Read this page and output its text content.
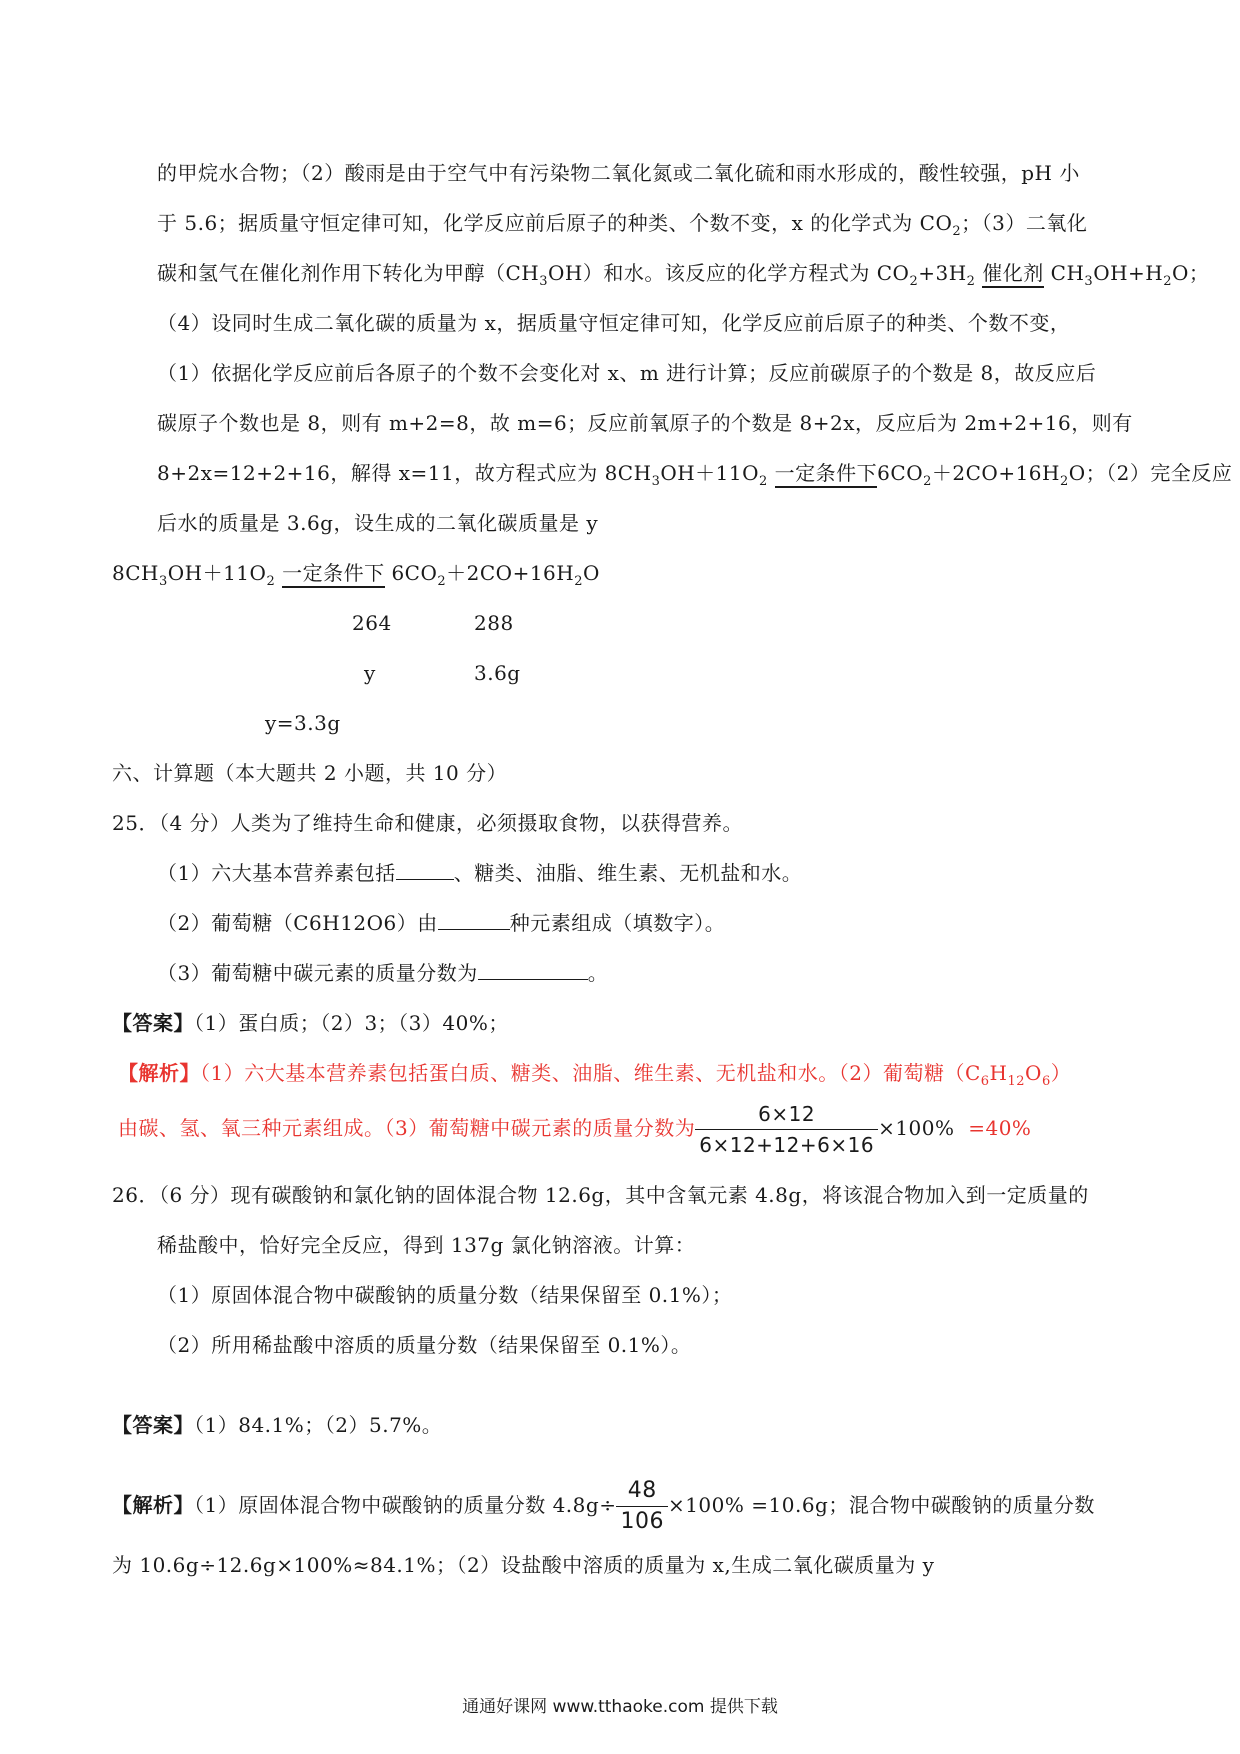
的甲烷水合物；（2）酸雨是由于空气中有污染物二氧化氮或二氧化硫和雨水形成的，酸性较强，pH 小
于 5.6；据质量守恒定律可知，化学反应前后原子的种类、个数不变，x 的化学式为 $CO_2$；（3）二氧化
碳和氢气在催化剂作用下转化为甲醇$(CH_3OH)$和水。该反应的化学方程式为 $CO_2+3H_2$ 催化剂 $CH_3OH+H_2O$；
（4）设同时生成二氧化碳的质量为 x，据质量守恒定律可知，化学反应前后原子的种类、个数不变，
（1）依据化学反应前后各原子的个数不会变化对 x、m 进行计算；反应前碳原子的个数是 8，故反应后
碳原子个数也是 8，则有 m+2=8，故 m=6；反应前氧原子的个数是 8+2x，反应后为 2m+2+16，则有
8+2x=12+2+16，解得 x=11，故方程式应为 $8CH_3OH+11O_2$ 一定条件下$6CO_2+2CO+16H_2O$；（2）完全反应
后水的质量是 3.6g，设生成的二氧化碳质量是 y
$8CH_3OH+11O_2$ 一定条件下 $6CO_2+2CO+16H_2O$
264	288
y	3.6g
y=3.3g
六、计算题（本大题共 2 小题，共 10 分）
25．（4 分）人类为了维持生命和健康，必须摄取食物，以获得营养。
（1）六大基本营养素包括	、糖类、油脂、维生素、无机盐和水。
（2）葡萄糖（C6H12O6）由	种元素组成（填数字）。
（3）葡萄糖中碳元素的质量分数为	。
【答案】（1）蛋白质；（2）3；（3）40%；
【解析】（1）六大基本营养素包括蛋白质、糖类、油脂、维生素、无机盐和水。（2）葡萄糖$(C_6H_{12}O_6)$
由碳、氢、氧三种元素组成。（3）葡萄糖中碳元素的质量分数为 $\frac{6\times 12}{6\times 12+12+6\times 16} \times 100\% =40\%$
26．（6 分）现有碳酸钠和氯化钠的固体混合物 12.6g，其中含氧元素 4.8g，将该混合物加入到一定质量的
稀盐酸中，恰好完全反应，得到 137g 氯化钠溶液。计算：
（1）原固体混合物中碳酸钠的质量分数（结果保留至 0.1%）；
（2）所用稀盐酸中溶质的质量分数（结果保留至 0.1%）。
【答案】（1）84.1%；（2）5.7%。
【解析】（1）原固体混合物中碳酸钠的质量分数 $4.8g\div \frac{48}{106} \times 100\% =10.6g$；混合物中碳酸钠的质量分数
为 10.6g÷12.6g×100%≈84.1%；（2）设盐酸中溶质的质量为 x,生成二氧化碳质量为 y
通通好课网 www.tthaoke.com 提供下载
